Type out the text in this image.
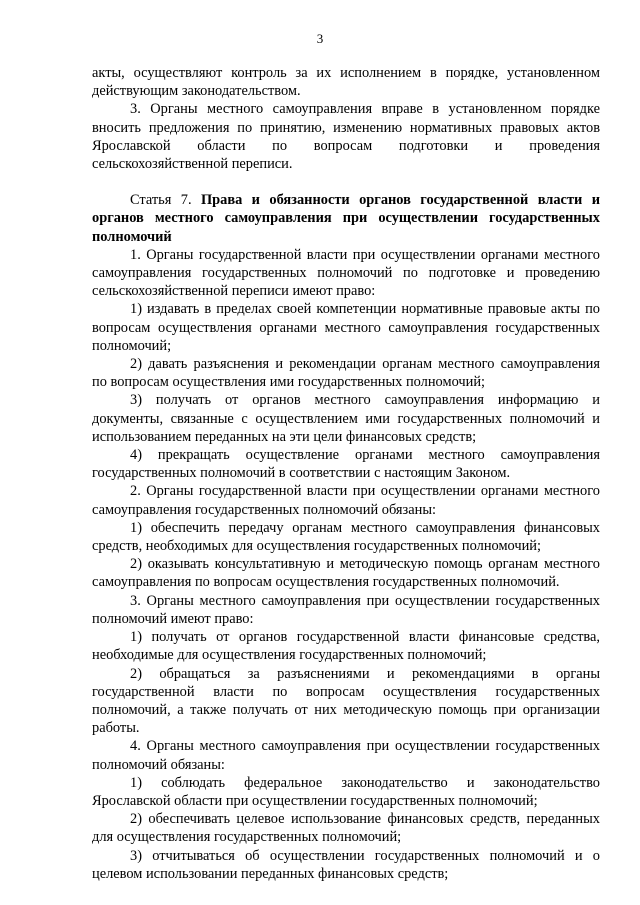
3

акты, осуществляют контроль за их исполнением в порядке, установленном действующим законодательством.

3. Органы местного самоуправления вправе в установленном порядке вносить предложения по принятию, изменению нормативных правовых актов Ярославской области по вопросам подготовки и проведения сельскохозяйственной переписи.

Статья 7. Права и обязанности органов государственной власти и органов местного самоуправления при осуществлении государственных полномочий

1. Органы государственной власти при осуществлении органами местного самоуправления государственных полномочий по подготовке и проведению сельскохозяйственной переписи имеют право:

1) издавать в пределах своей компетенции нормативные правовые акты по вопросам осуществления органами местного самоуправления государственных полномочий;

2) давать разъяснения и рекомендации органам местного самоуправления по вопросам осуществления ими государственных полномочий;

3) получать от органов местного самоуправления информацию и документы, связанные с осуществлением ими государственных полномочий и использованием переданных на эти цели финансовых средств;

4) прекращать осуществление органами местного самоуправления государственных полномочий в соответствии с настоящим Законом.

2. Органы государственной власти при осуществлении органами местного самоуправления государственных полномочий обязаны:

1) обеспечить передачу органам местного самоуправления финансовых средств, необходимых для осуществления государственных полномочий;

2) оказывать консультативную и методическую помощь органам местного самоуправления по вопросам осуществления государственных полномочий.

3. Органы местного самоуправления при осуществлении государственных полномочий имеют право:

1) получать от органов государственной власти финансовые средства, необходимые для осуществления государственных полномочий;

2) обращаться за разъяснениями и рекомендациями в органы государственной власти по вопросам осуществления государственных полномочий, а также получать от них методическую помощь при организации работы.

4. Органы местного самоуправления при осуществлении государственных полномочий обязаны:

1) соблюдать федеральное законодательство и законодательство Ярославской области при осуществлении государственных полномочий;

2) обеспечивать целевое использование финансовых средств, переданных для осуществления государственных полномочий;

3) отчитываться об осуществлении государственных полномочий и о целевом использовании переданных финансовых средств;
